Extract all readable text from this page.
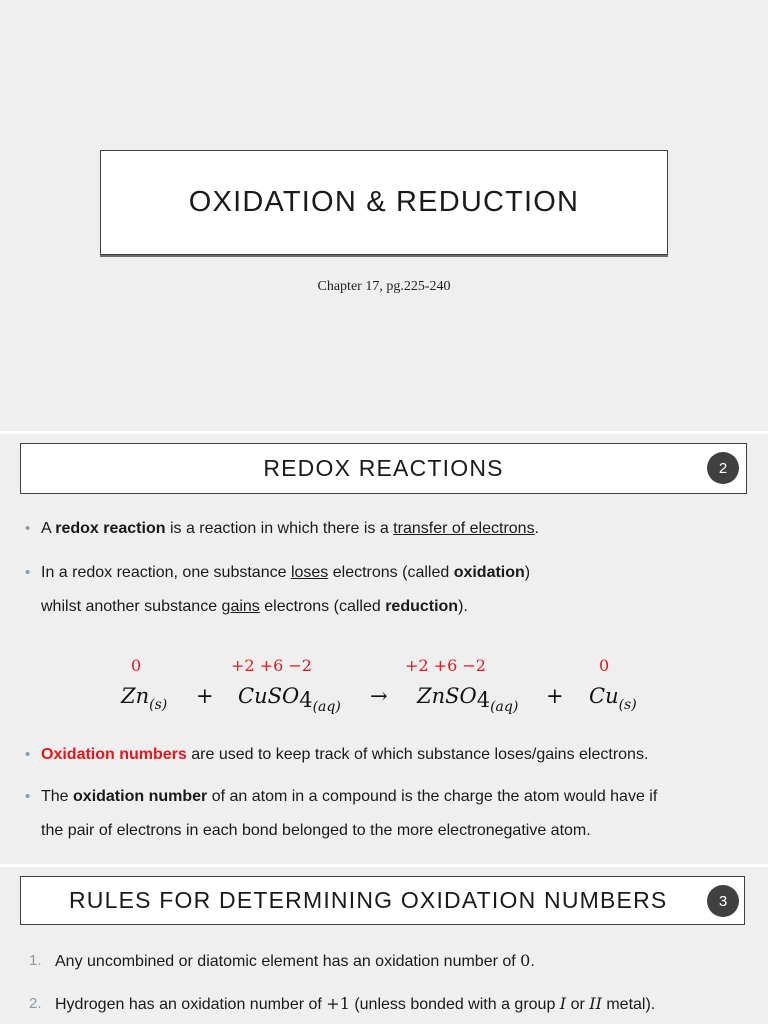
OXIDATION & REDUCTION
Chapter 17, pg.225-240
REDOX REACTIONS	2
• A redox reaction is a reaction in which there is a transfer of electrons.
• In a redox reaction, one substance loses electrons (called oxidation)
whilst another substance gains electrons (called reduction).
0	+2 +6 −2	+2 +6 −2	0
$Zn_{(s)}$ + $CuSO4_{(aq)}$ → $ZnSO4_{(aq)} + Cu_{(s)}$
• Oxidation numbers are used to keep track of which substance loses/gains electrons.
• The oxidation number of an atom in a compound is the charge the atom would have if
the pair of electrons in each bond belonged to the more electronegative atom.
RULES FOR DETERMINING OXIDATION NUMBERS	3
1. Any uncombined or diatomic element has an oxidation number of 0.
2. Hydrogen has an oxidation number of +1 (unless bonded with a group I or II metal).
